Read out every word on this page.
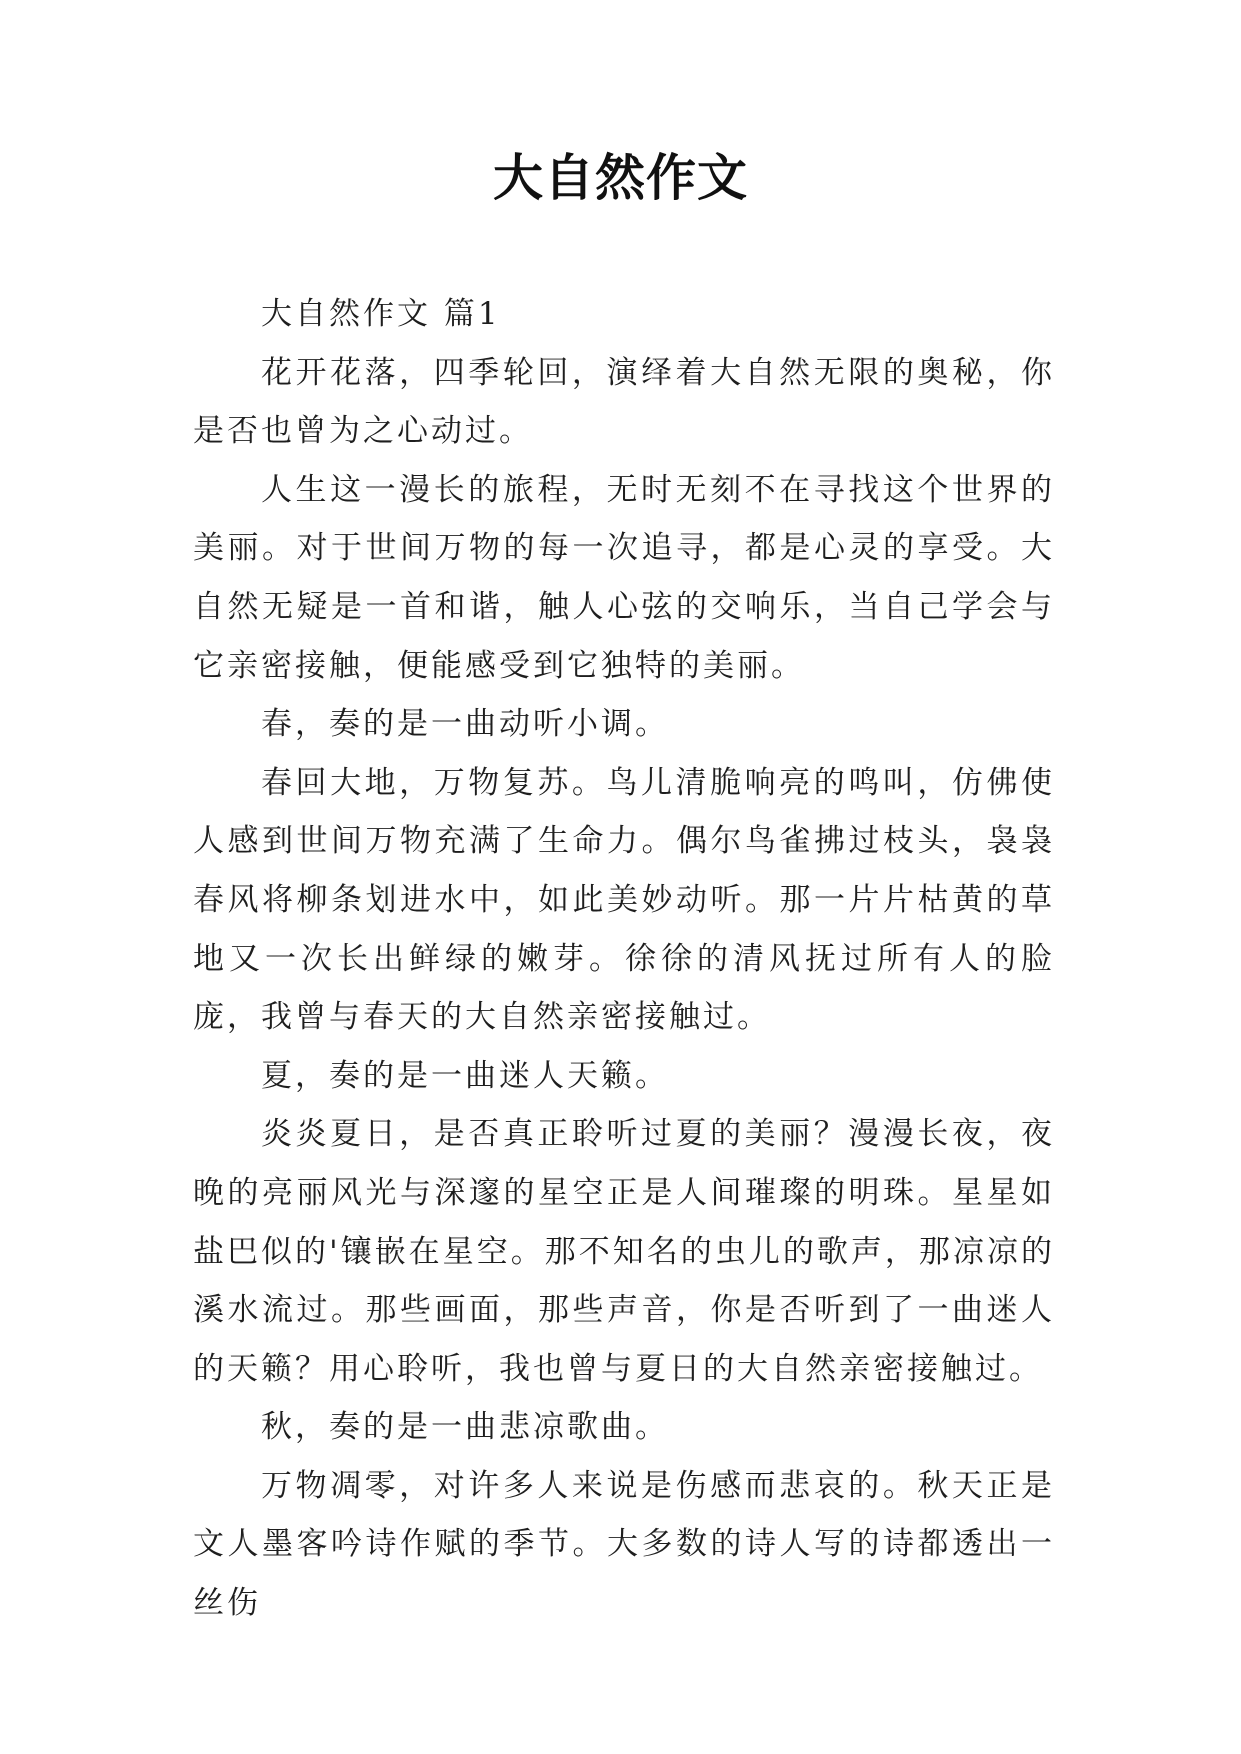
大自然作文

大自然作文 篇1

花开花落，四季轮回，演绎着大自然无限的奥秘，你是否也曾为之心动过。

人生这一漫长的旅程，无时无刻不在寻找这个世界的美丽。对于世间万物的每一次追寻，都是心灵的享受。大自然无疑是一首和谐，触人心弦的交响乐，当自己学会与它亲密接触，便能感受到它独特的美丽。

春，奏的是一曲动听小调。

春回大地，万物复苏。鸟儿清脆响亮的鸣叫，仿佛使人感到世间万物充满了生命力。偶尔鸟雀拂过枝头，袅袅春风将柳条划进水中，如此美妙动听。那一片片枯黄的草地又一次长出鲜绿的嫩芽。徐徐的清风抚过所有人的脸庞，我曾与春天的大自然亲密接触过。

夏，奏的是一曲迷人天籁。

炎炎夏日，是否真正聆听过夏的美丽？漫漫长夜，夜晚的亮丽风光与深邃的星空正是人间璀璨的明珠。星星如盐巴似的'镶嵌在星空。那不知名的虫儿的歌声，那凉凉的溪水流过。那些画面，那些声音，你是否听到了一曲迷人的天籁？用心聆听，我也曾与夏日的大自然亲密接触过。

秋，奏的是一曲悲凉歌曲。

万物凋零，对许多人来说是伤感而悲哀的。秋天正是文人墨客吟诗作赋的季节。大多数的诗人写的诗都透出一丝伤
